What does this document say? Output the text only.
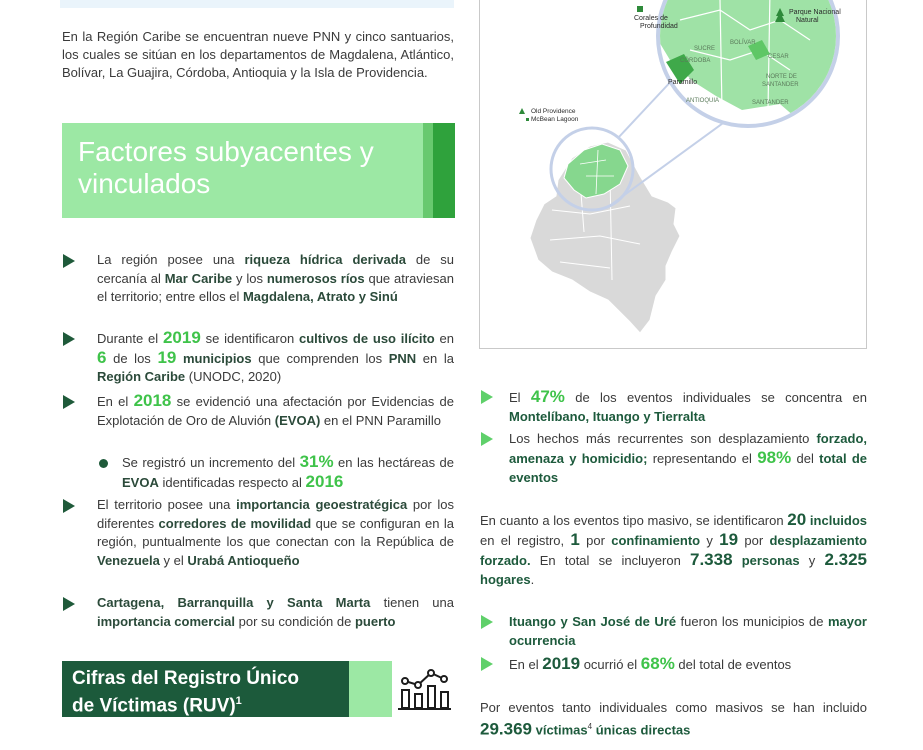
En la Región Caribe se encuentran nueve PNN y cinco santuarios, los cuales se sitúan en los departamentos de Magdalena, Atlántico, Bolívar, La Guajira, Córdoba, Antioquia y la Isla de Providencia.

Factores subyacentes y vinculados

La región posee una riqueza hídrica derivada de su cercanía al Mar Caribe y los numerosos ríos que atraviesan el territorio; entre ellos el Magdalena, Atrato y Sinú

Durante el 2019 se identificaron cultivos de uso ilícito en 6 de los 19 municipios que comprenden los PNN en la Región Caribe (UNODC, 2020)

En el 2018 se evidenció una afectación por Evidencias de Explotación de Oro de Aluvión (EVOA) en el PNN Paramillo

Se registró un incremento del 31% en las hectáreas de EVOA identificadas respecto al 2016

El territorio posee una importancia geoestratégica por los diferentes corredores de movilidad que se configuran en la región, puntualmente los que conectan con la República de Venezuela y el Urabá Antioqueño

Cartagena, Barranquilla y Santa Marta tienen una importancia comercial por su condición de puerto

Cifras del Registro Único
de Víctimas (RUV)$^1$
Corales de
Profundidad
Paramillo
SUCRE
CÓRDOBA
BOLÍVAR
ANTIOQUIA
CESAR
NORTE DE
SANTANDER
SANTANDER
Parque Nacional
Natural
Old Providence
McBean Lagoon

El 47% de los eventos individuales se concentra en Montelíbano, Ituango y Tierralta

Los hechos más recurrentes son desplazamiento forzado, amenaza y homicidio; representando el 98% del total de eventos

En cuanto a los eventos tipo masivo, se identificaron 20 incluidos en el registro, 1 por confinamiento y 19 por desplazamiento forzado. En total se incluyeron 7.338 personas y 2.325 hogares.

Ituango y San José de Uré fueron los municipios de mayor ocurrencia

En el 2019 ocurrió el 68% del total de eventos

Por eventos tanto individuales como masivos se han incluido 29.369 víctimas$^4$ únicas directas
